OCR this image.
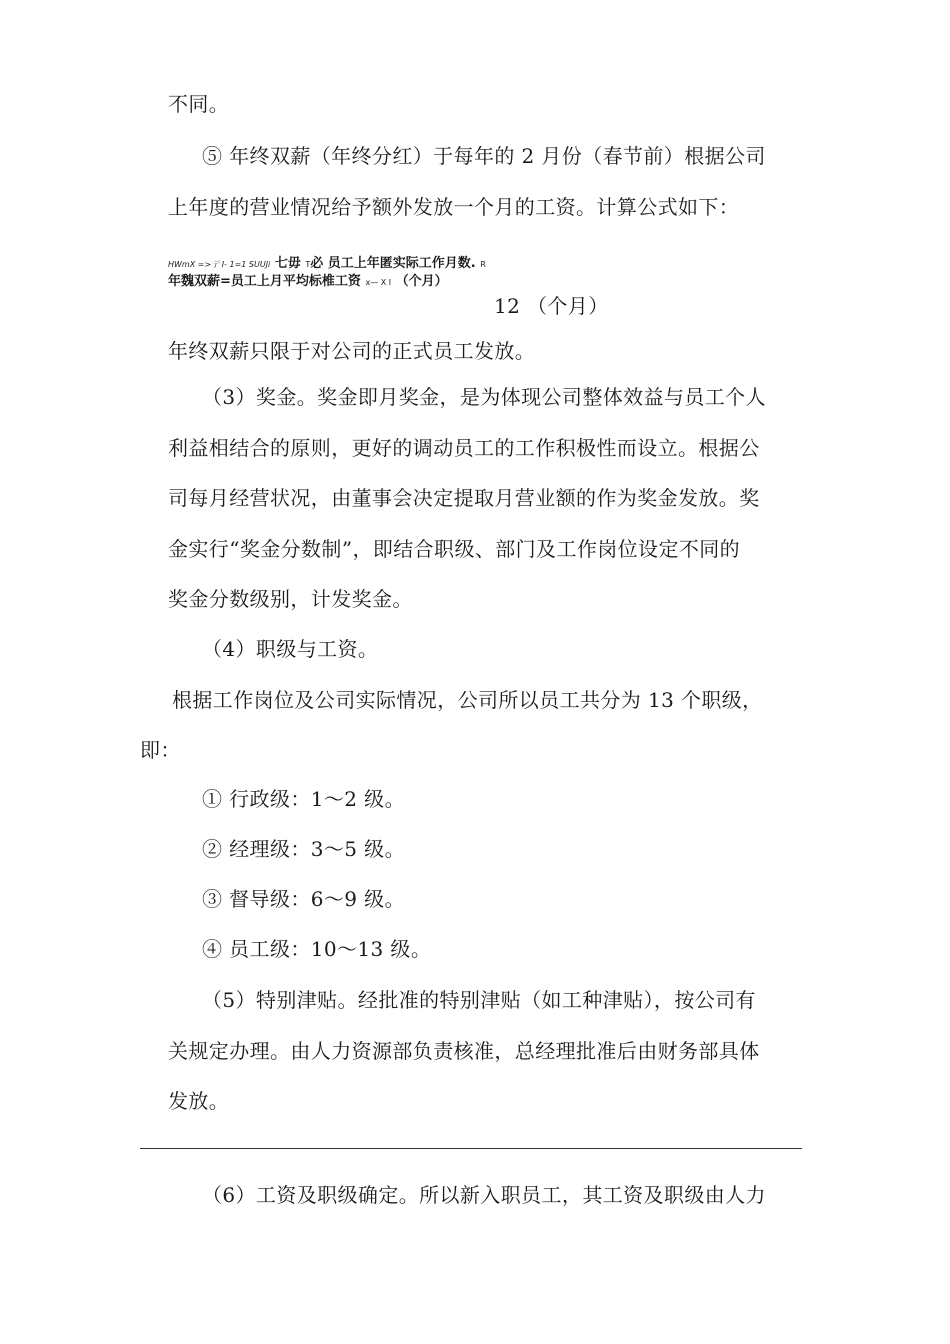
不同。
⑤ 年终双薪（年终分红）于每年的 2 月份（春节前）根据公司
上年度的营业情况给予额外发放一个月的工资。计算公式如下：
HWmX =>亍 I- 1=1 SUUJi 七毋 T必 员工上年匿实际工作月数. R
年魏双薪=员工上月平均标椎工资 x— X I （个月）
12 （个月）
年终双薪只限于对公司的正式员工发放。
（3）奖金。奖金即月奖金，是为体现公司整体效益与员工个人
利益相结合的原则，更好的调动员工的工作积极性而设立。根据公
司每月经营状况，由董事会决定提取月营业额的作为奖金发放。奖
金实行“奖金分数制”，即结合职级、部门及工作岗位设定不同的
奖金分数级别，计发奖金。
（4）职级与工资。
根据工作岗位及公司实际情况，公司所以员工共分为 13 个职级，
即：
① 行政级：1〜2 级。
② 经理级：3〜5 级。
③ 督导级：6〜9 级。
④ 员工级：10〜13 级。
（5）特别津贴。经批准的特别津贴（如工种津贴），按公司有
关规定办理。由人力资源部负责核准，总经理批准后由财务部具体
发放。
（6）工资及职级确定。所以新入职员工，其工资及职级由人力
